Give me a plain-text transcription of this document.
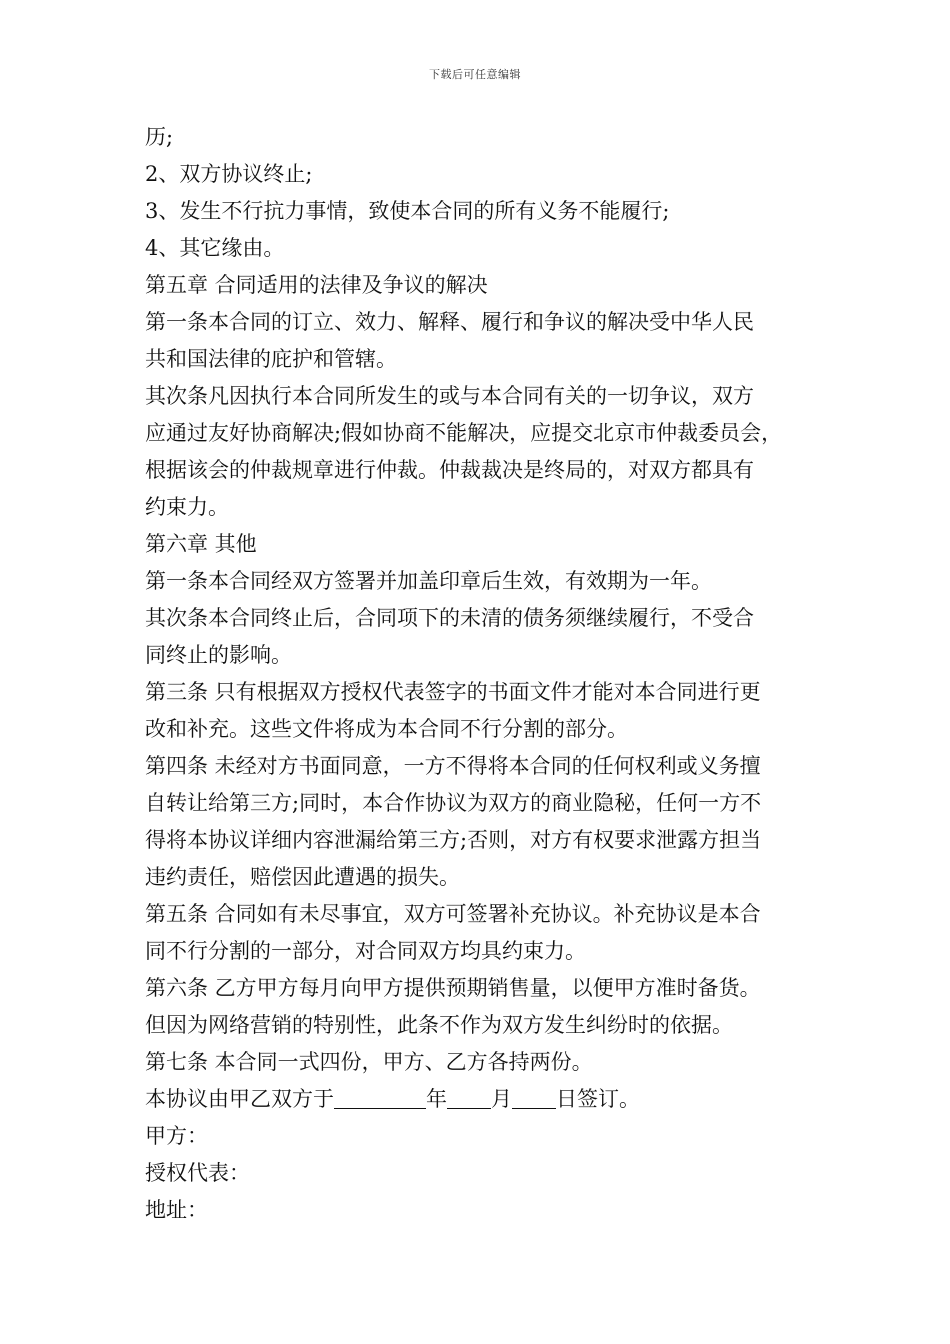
下载后可任意编辑
历;
2、双方协议终止;
3、发生不行抗力事情，致使本合同的所有义务不能履行;
4、其它缘由。
第五章 合同适用的法律及争议的解决
第一条本合同的订立、效力、解释、履行和争议的解决受中华人民
共和国法律的庇护和管辖。
其次条凡因执行本合同所发生的或与本合同有关的一切争议，双方
应通过友好协商解决;假如协商不能解决，应提交北京市仲裁委员会，
根据该会的仲裁规章进行仲裁。仲裁裁决是终局的，对双方都具有
约束力。
第六章 其他
第一条本合同经双方签署并加盖印章后生效，有效期为一年。
其次条本合同终止后，合同项下的未清的债务须继续履行，不受合
同终止的影响。
第三条 只有根据双方授权代表签字的书面文件才能对本合同进行更
改和补充。这些文件将成为本合同不行分割的部分。
第四条 未经对方书面同意，一方不得将本合同的任何权利或义务擅
自转让给第三方;同时，本合作协议为双方的商业隐秘，任何一方不
得将本协议详细内容泄漏给第三方;否则，对方有权要求泄露方担当
违约责任，赔偿因此遭遇的损失。
第五条 合同如有未尽事宜，双方可签署补充协议。补充协议是本合
同不行分割的一部分，对合同双方均具约束力。
第六条 乙方甲方每月向甲方提供预期销售量，以便甲方准时备货。
但因为网络营销的特别性，此条不作为双方发生纠纷时的依据。
第七条 本合同一式四份，甲方、乙方各持两份。
本协议由甲乙双方于	年 月 日签订。
甲方：
授权代表：
地址：
